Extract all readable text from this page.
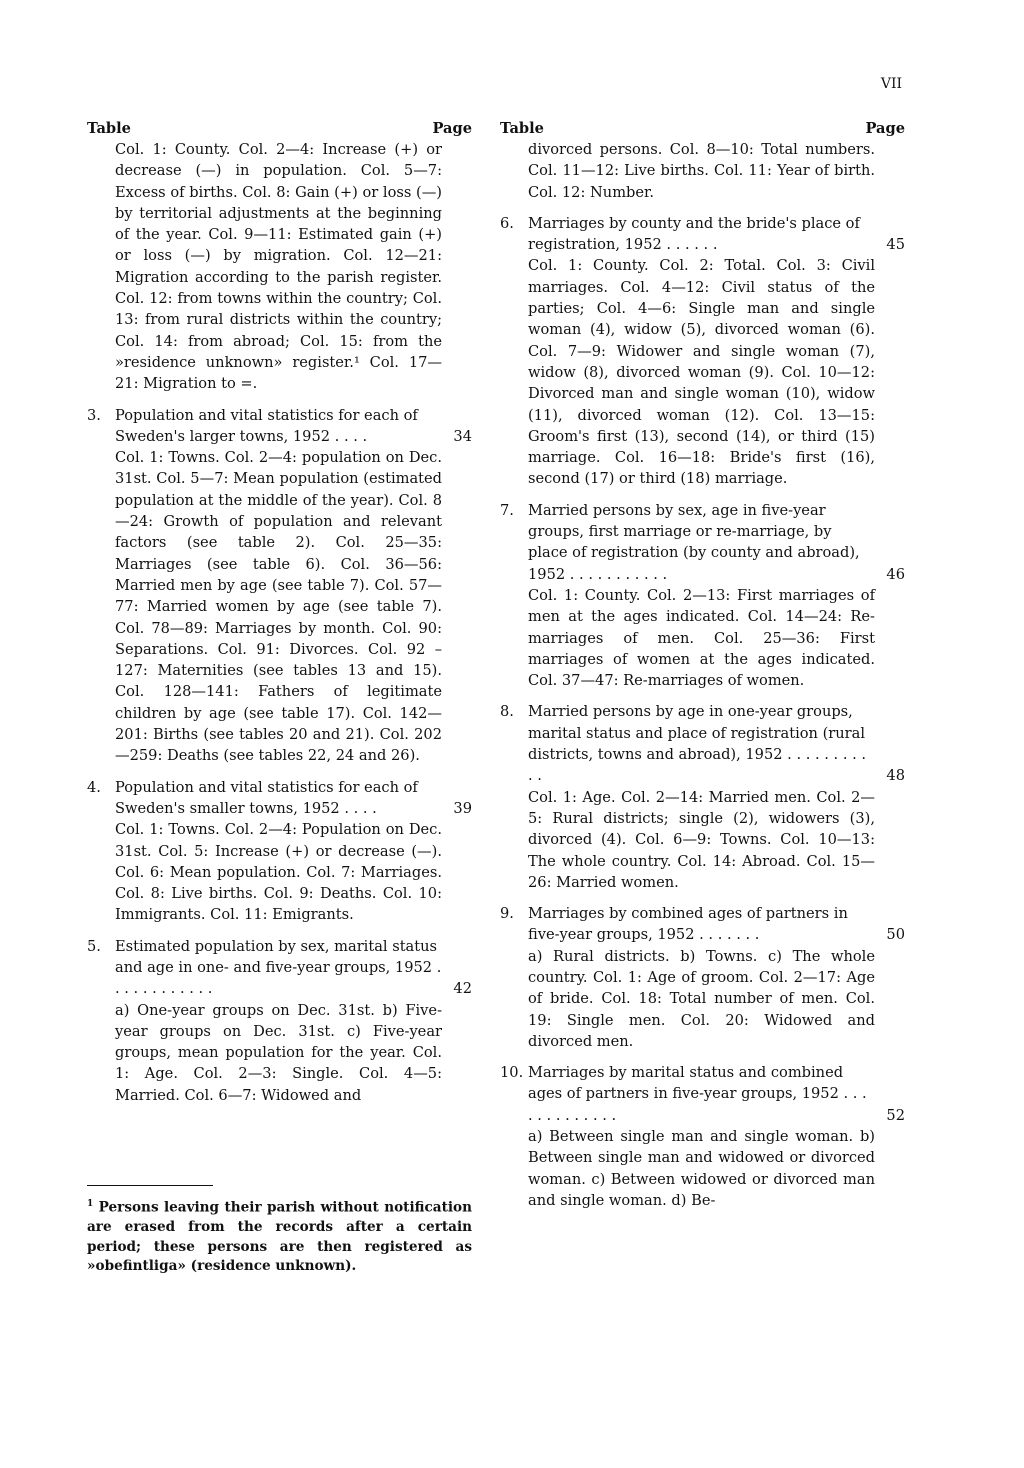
VII
Table	Page
Col. 1: County. Col. 2—4: Increase (+) or decrease (—) in population. Col. 5—7: Excess of births. Col. 8: Gain (+) or loss (—) by territorial adjustments at the beginning of the year. Col. 9—11: Estimated gain (+) or loss (—) by migration. Col. 12—21: Migration according to the parish register. Col. 12: from towns within the country; Col. 13: from rural districts within the country; Col. 14: from abroad; Col. 15: from the »residence unknown» register.¹ Col. 17—21: Migration to =.
3. Population and vital statistics for each of Sweden's larger towns, 1952 . . . .	34
Col. 1: Towns. Col. 2—4: population on Dec. 31st. Col. 5—7: Mean population (estimated population at the middle of the year). Col. 8—24: Growth of population and relevant factors (see table 2). Col. 25—35: Marriages (see table 6). Col. 36—56: Married men by age (see table 7). Col. 57—77: Married women by age (see table 7). Col. 78—89: Marriages by month. Col. 90: Separations. Col. 91: Divorces. Col. 92 – 127: Maternities (see tables 13 and 15). Col. 128—141: Fathers of legitimate children by age (see table 17). Col. 142—201: Births (see tables 20 and 21). Col. 202—259: Deaths (see tables 22, 24 and 26).
4. Population and vital statistics for each of Sweden's smaller towns, 1952 . . . .	39
Col. 1: Towns. Col. 2—4: Population on Dec. 31st. Col. 5: Increase (+) or decrease (—). Col. 6: Mean population. Col. 7: Marriages. Col. 8: Live births. Col. 9: Deaths. Col. 10: Immigrants. Col. 11: Emigrants.
5. Estimated population by sex, marital status and age in one- and five-year groups, 1952 . . . . . . . . . . . .	42
a) One-year groups on Dec. 31st. b) Five-year groups on Dec. 31st. c) Five-year groups, mean population for the year. Col. 1: Age. Col. 2—3: Single. Col. 4—5: Married. Col. 6—7: Widowed and
Table	Page
divorced persons. Col. 8—10: Total numbers. Col. 11—12: Live births. Col. 11: Year of birth. Col. 12: Number.
6. Marriages by county and the bride's place of registration, 1952 . . . . . .	45
Col. 1: County. Col. 2: Total. Col. 3: Civil marriages. Col. 4—12: Civil status of the parties; Col. 4—6: Single man and single woman (4), widow (5), divorced woman (6). Col. 7—9: Widower and single woman (7), widow (8), divorced woman (9). Col. 10—12: Divorced man and single woman (10), widow (11), divorced woman (12). Col. 13—15: Groom's first (13), second (14), or third (15) marriage. Col. 16—18: Bride's first (16), second (17) or third (18) marriage.
7. Married persons by sex, age in five-year groups, first marriage or re-marriage, by place of registration (by county and abroad), 1952 . . . . . . . . . . .	46
Col. 1: County. Col. 2—13: First marriages of men at the ages indicated. Col. 14—24: Re-marriages of men. Col. 25—36: First marriages of women at the ages indicated. Col. 37—47: Re-marriages of women.
8. Married persons by age in one-year groups, marital status and place of registration (rural districts, towns and abroad), 1952 . . . . . . . . . . .	48
Col. 1: Age. Col. 2—14: Married men. Col. 2—5: Rural districts; single (2), widowers (3), divorced (4). Col. 6—9: Towns. Col. 10—13: The whole country. Col. 14: Abroad. Col. 15—26: Married women.
9. Marriages by combined ages of partners in five-year groups, 1952 . . . . . . .	50
a) Rural districts. b) Towns. c) The whole country. Col. 1: Age of groom. Col. 2—17: Age of bride. Col. 18: Total number of men. Col. 19: Single men. Col. 20: Widowed and divorced men.
10. Marriages by marital status and combined ages of partners in five-year groups, 1952 . . . . . . . . . . . . .	52
a) Between single man and single woman. b) Between single man and widowed or divorced woman. c) Between widowed or divorced man and single woman. d) Be-
$^1$ Persons leaving their parish without notification are erased from the records after a certain period; these persons are then registered as »obefintliga» (residence unknown).
